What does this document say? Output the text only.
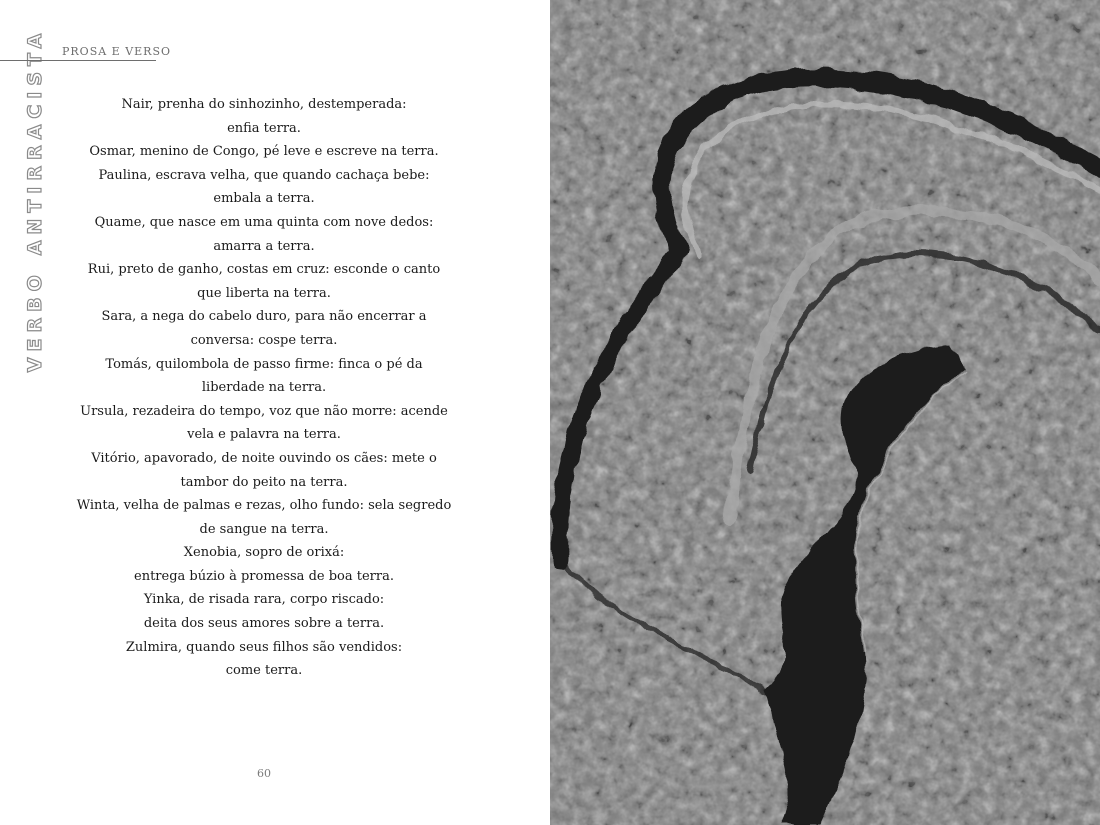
VERBOANTIRRACISTA PROSA E VERSO

Nair, prenha do sinhozinho, destemperada:

enfia terra.

Osmar, menino de Congo, pé leve e escreve na terra.

Paulina, escrava velha, que quando cachaça bebe:

embala a terra.

Quame, que nasce em uma quinta com nove dedos:

amarra a terra.

Rui, preto de ganho, costas em cruz: esconde o canto

que liberta na terra.

Sara, a nega do cabelo duro, para não encerrar a

conversa: cospe terra.

Tomás, quilombola de passo firme: finca o pé da

liberdade na terra.

Ursula, rezadeira do tempo, voz que não morre: acende

vela e palavra na terra.

Vitório, apavorado, de noite ouvindo os cães: mete o

tambor do peito na terra.

Winta, velha de palmas e rezas, olho fundo: sela segredo

de sangue na terra.

Xenobia, sopro de orixá:

entrega búzio à promessa de boa terra.

Yinka, de risada rara, corpo riscado:

deita dos seus amores sobre a terra.

Zulmira, quando seus filhos são vendidos:

come terra.

60
